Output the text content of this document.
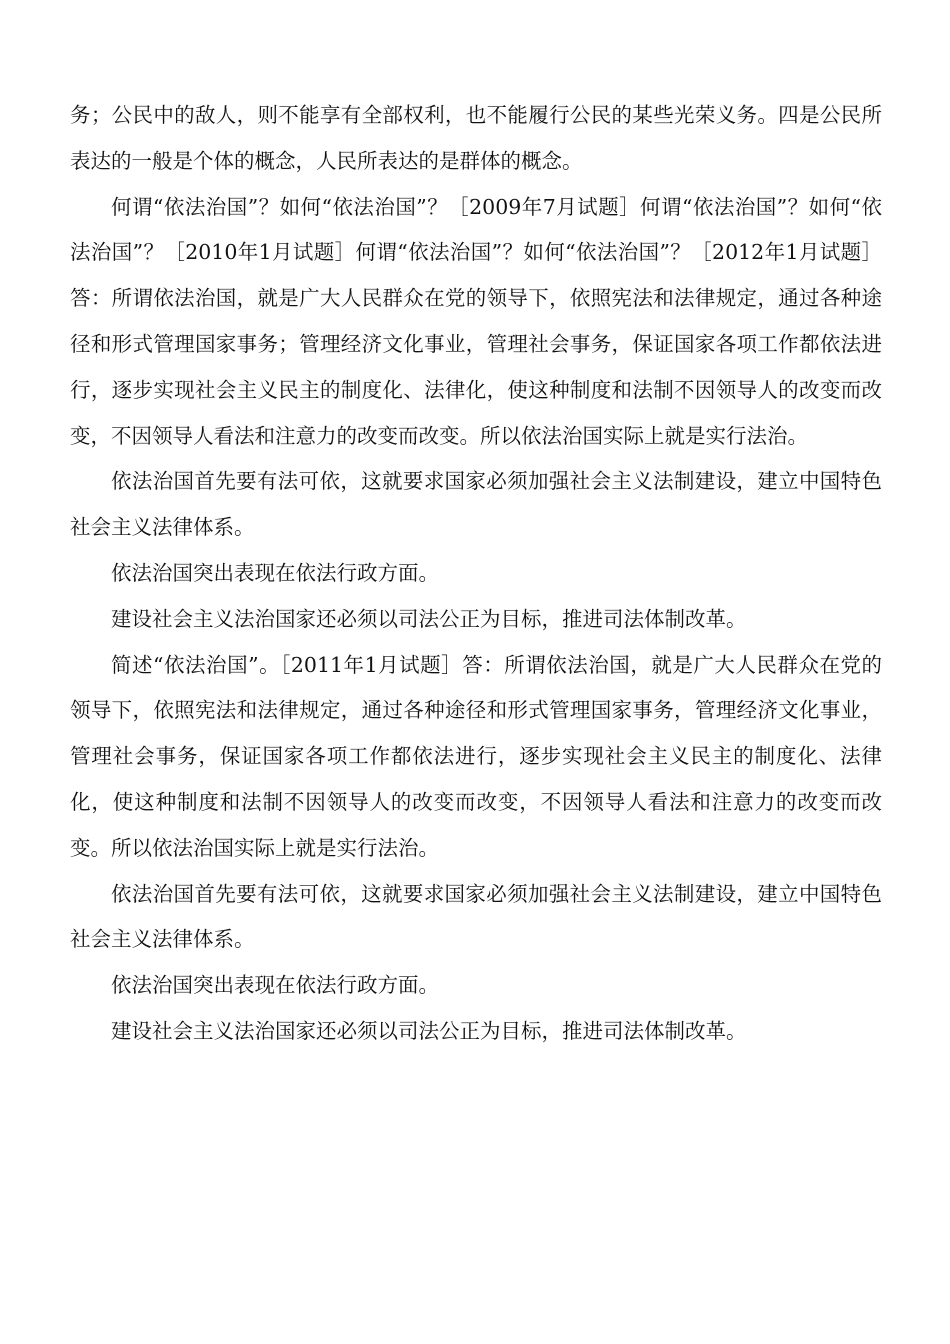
务；公民中的敌人，则不能享有全部权利，也不能履行公民的某些光荣义务。四是公民所表达的一般是个体的概念，人民所表达的是群体的概念。

何谓“依法治国”？如何“依法治国”？［2009年7月试题］何谓“依法治国”？如何“依法治国”？［2010年1月试题］何谓“依法治国”？如何“依法治国”？［2012年1月试题］答：所谓依法治国，就是广大人民群众在党的领导下，依照宪法和法律规定，通过各种途径和形式管理国家事务；管理经济文化事业，管理社会事务，保证国家各项工作都依法进行，逐步实现社会主义民主的制度化、法律化，使这种制度和法制不因领导人的改变而改变，不因领导人看法和注意力的改变而改变。所以依法治国实际上就是实行法治。

依法治国首先要有法可依，这就要求国家必须加强社会主义法制建设，建立中国特色社会主义法律体系。

依法治国突出表现在依法行政方面。

建设社会主义法治国家还必须以司法公正为目标，推进司法体制改革。

简述“依法治国”。［2011年1月试题］答：所谓依法治国，就是广大人民群众在党的领导下，依照宪法和法律规定，通过各种途径和形式管理国家事务，管理经济文化事业，管理社会事务，保证国家各项工作都依法进行，逐步实现社会主义民主的制度化、法律化，使这种制度和法制不因领导人的改变而改变，不因领导人看法和注意力的改变而改变。所以依法治国实际上就是实行法治。

依法治国首先要有法可依，这就要求国家必须加强社会主义法制建设，建立中国特色社会主义法律体系。

依法治国突出表现在依法行政方面。

建设社会主义法治国家还必须以司法公正为目标，推进司法体制改革。
